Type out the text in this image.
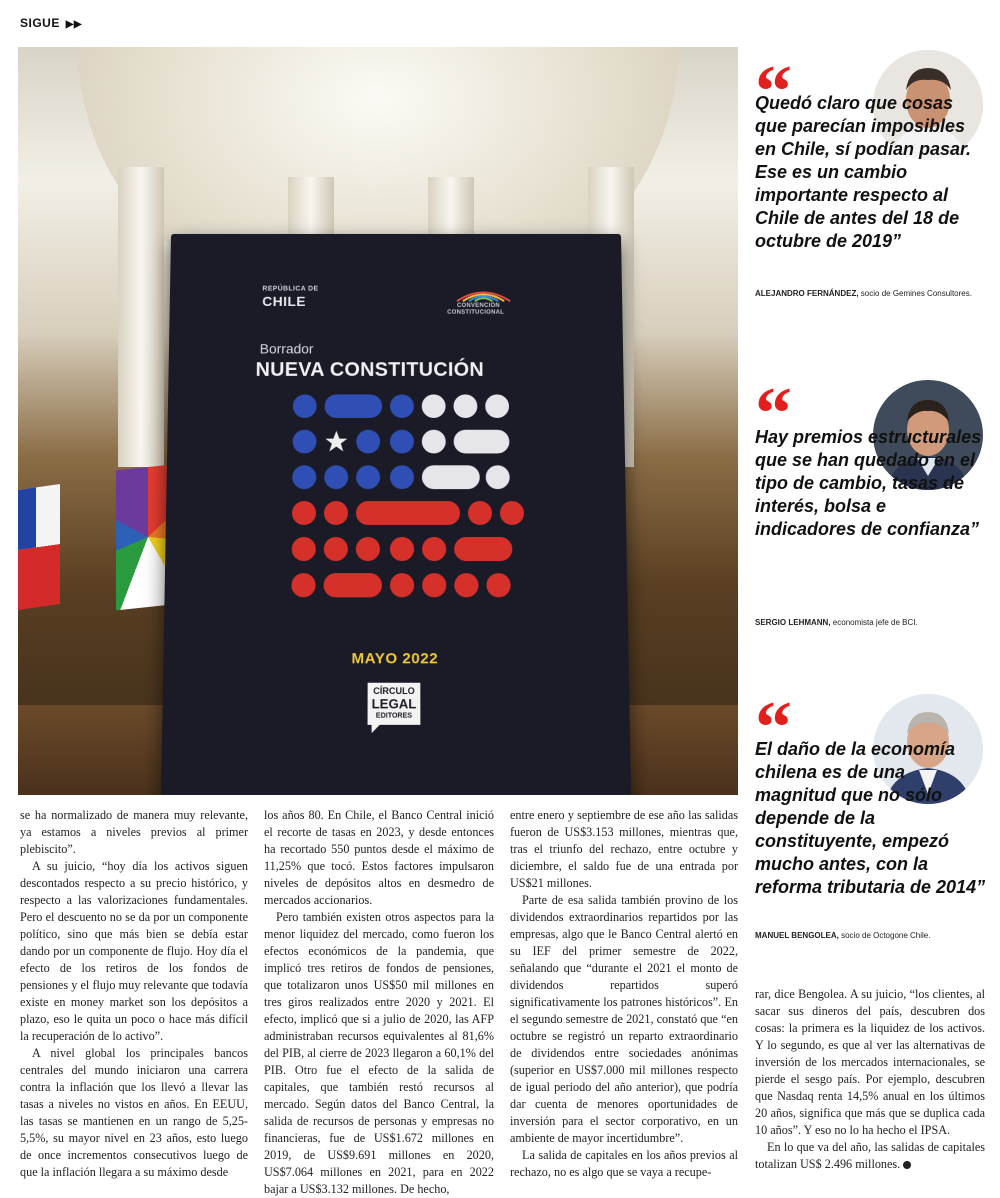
SIGUE ▶▶
REPÚBLICA DE
CHILE	CONVENCIÓN
CONSTITUCIONAL
Borrador
NUEVA CONSTITUCIÓN
MAYO 2022
CÍRCULO
LEGAL
EDITORES
“
Quedó claro que cosas que parecían imposibles en Chile, sí podían pasar. Ese es un cambio importante respecto al Chile de antes del 18 de octubre de 2019”
ALEJANDRO FERNÁNDEZ, socio de Gemines Consultores.
“
Hay premios estructurales que se han quedado en el tipo de cambio, tasas de interés, bolsa e indicadores de confianza”
SERGIO LEHMANN, economista jefe de BCI.
“
El daño de la economía chilena es de una magnitud que no sólo depende de la constituyente, empezó mucho antes, con la reforma tributaria de 2014”
MANUEL BENGOLEA, socio de Octogone Chile.

se ha normalizado de manera muy relevante, ya estamos a niveles previos al primer plebiscito”.

A su juicio, “hoy día los activos siguen descontados respecto a su precio histórico, y respecto a las valorizaciones fundamentales. Pero el descuento no se da por un componente político, sino que más bien se debía estar dando por un componente de flujo. Hoy día el efecto de los retiros de los fondos de pensiones y el flujo muy relevante que todavía existe en money market son los depósitos a plazo, eso le quita un poco o hace más difícil la recuperación de lo activo”.

A nivel global los principales bancos centrales del mundo iniciaron una carrera contra la inflación que los llevó a llevar las tasas a niveles no vistos en años. En EEUU, las tasas se mantienen en un rango de 5,25-5,5%, su mayor nivel en 23 años, esto luego de once incrementos consecutivos luego de que la inflación llegara a su máximo desde

los años 80. En Chile, el Banco Central inició el recorte de tasas en 2023, y desde entonces ha recortado 550 puntos desde el máximo de 11,25% que tocó. Estos factores impulsaron niveles de depósitos altos en desmedro de mercados accionarios.

Pero también existen otros aspectos para la menor liquidez del mercado, como fueron los efectos económicos de la pandemia, que implicó tres retiros de fondos de pensiones, que totalizaron unos US$50 mil millones en tres giros realizados entre 2020 y 2021. El efecto, implicó que si a julio de 2020, las AFP administraban recursos equivalentes al 81,6% del PIB, al cierre de 2023 llegaron a 60,1% del PIB. Otro fue el efecto de la salida de capitales, que también restó recursos al mercado. Según datos del Banco Central, la salida de recursos de personas y empresas no financieras, fue de US$1.672 millones en 2019, de US$9.691 millones en 2020, US$7.064 millones en 2021, para en 2022 bajar a US$3.132 millones. De hecho,

entre enero y septiembre de ese año las salidas fueron de US$3.153 millones, mientras que, tras el triunfo del rechazo, entre octubre y diciembre, el saldo fue de una entrada por US$21 millones.

Parte de esa salida también provino de los dividendos extraordinarios repartidos por las empresas, algo que le Banco Central alertó en su IEF del primer semestre de 2022, señalando que “durante el 2021 el monto de dividendos repartidos superó significativamente los patrones históricos”. En el segundo semestre de 2021, constató que “en octubre se registró un reparto extraordinario de dividendos entre sociedades anónimas (superior en US$7.000 mil millones respecto de igual periodo del año anterior), que podría dar cuenta de menores oportunidades de inversión para el sector corporativo, en un ambiente de mayor incertidumbre”.

La salida de capitales en los años previos al rechazo, no es algo que se vaya a recupe-

rar, dice Bengolea. A su juicio, “los clientes, al sacar sus dineros del país, descubren dos cosas: la primera es la liquidez de los activos. Y lo segundo, es que al ver las alternativas de inversión de los mercados internacionales, se pierde el sesgo país. Por ejemplo, descubren que Nasdaq renta 14,5% anual en los últimos 20 años, significa que más que se duplica cada 10 años”. Y eso no lo ha hecho el IPSA.

En lo que va del año, las salidas de capitales totalizan US$ 2.496 millones.	P
